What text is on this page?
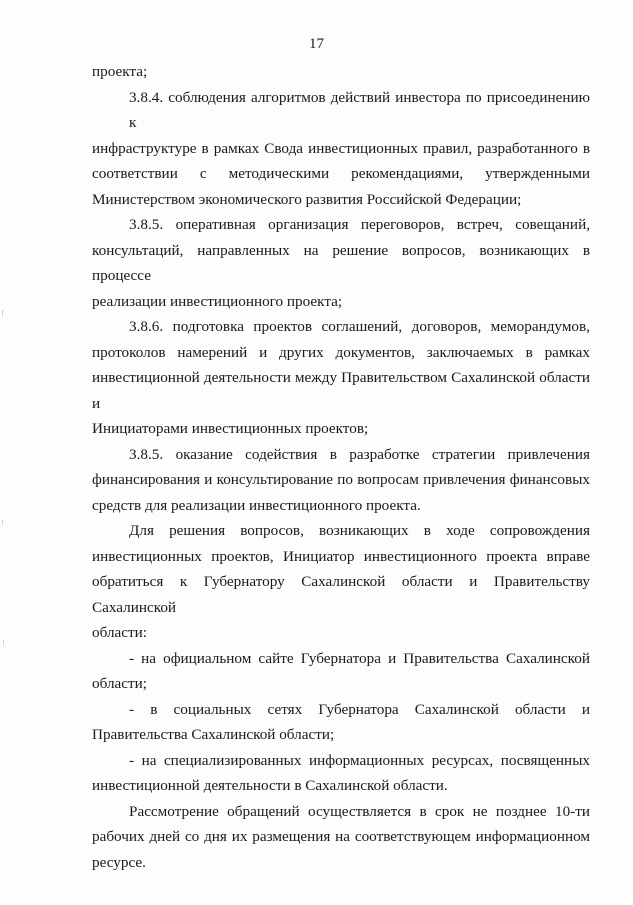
17
проекта;
3.8.4. соблюдения алгоритмов действий инвестора по присоединению к
инфраструктуре в рамках Свода инвестиционных правил, разработанного в
соответствии с методическими рекомендациями, утвержденными
Министерством экономического развития Российской Федерации;
3.8.5. оперативная организация переговоров, встреч, совещаний,
консультаций, направленных на решение вопросов, возникающих в процессе
реализации инвестиционного проекта;
3.8.6. подготовка проектов соглашений, договоров, меморандумов,
протоколов намерений и других документов, заключаемых в рамках
инвестиционной деятельности между Правительством Сахалинской области и
Инициаторами инвестиционных проектов;
3.8.5. оказание содействия в разработке стратегии привлечения
финансирования и консультирование по вопросам привлечения финансовых
средств для реализации инвестиционного проекта.
Для решения вопросов, возникающих в ходе сопровождения
инвестиционных проектов, Инициатор инвестиционного проекта вправе
обратиться к Губернатору Сахалинской области и Правительству Сахалинской
области:
- на официальном сайте Губернатора и Правительства Сахалинской
области;
- в социальных сетях Губернатора Сахалинской области и
Правительства Сахалинской области;
- на специализированных информационных ресурсах, посвященных
инвестиционной деятельности в Сахалинской области.
Рассмотрение обращений осуществляется в срок не позднее 10-ти
рабочих дней со дня их размещения на соответствующем информационном
ресурсе.
